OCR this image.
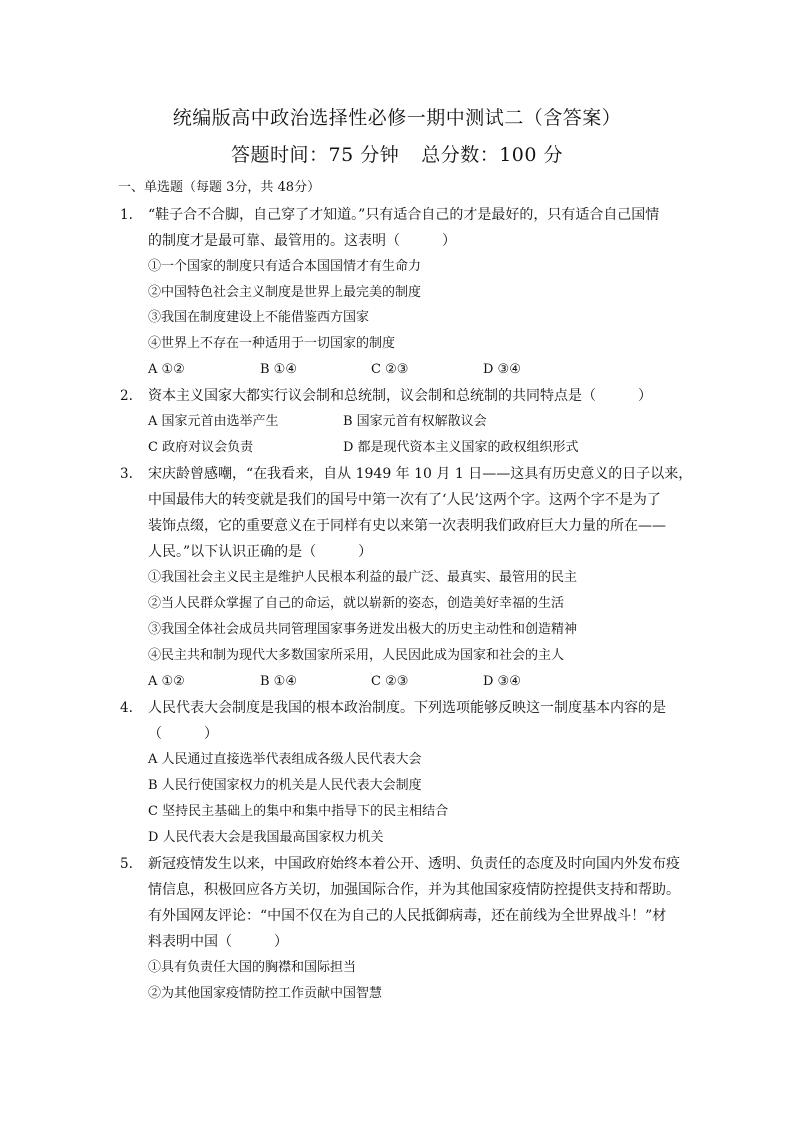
统编版高中政治选择性必修一期中测试二（含答案）
答题时间：75 分钟 总分数：100 分
一、单选题（每题 3分，共 48分）
1. “鞋子合不合脚，自己穿了才知道。”只有适合自己的才是最好的，只有适合自己国情
的制度才是最可靠、最管用的。这表明（　　　）
①一个国家的制度只有适合本国国情才有生命力
②中国特色社会主义制度是世界上最完美的制度
③我国在制度建设上不能借鉴西方国家
④世界上不存在一种适用于一切国家的制度
A ①②	B ①④	C ②③	D ③④
2. 资本主义国家大都实行议会制和总统制，议会制和总统制的共同特点是（　　　）
A 国家元首由选举产生	B 国家元首有权解散议会
C 政府对议会负责	D 都是现代资本主义国家的政权组织形式
3. 宋庆龄曾感嘲，“在我看来，自从 1949 年 10 月 1 日——这具有历史意义的日子以来，
中国最伟大的转变就是我们的国号中第一次有了‘人民’这两个字。这两个字不是为了
装饰点缀，它的重要意义在于同样有史以来第一次表明我们政府巨大力量的所在——
人民。”以下认识正确的是（　　　）
①我国社会主义民主是维护人民根本利益的最广泛、最真实、最管用的民主
②当人民群众掌握了自己的命运，就以崭新的姿态，创造美好幸福的生活
③我国全体社会成员共同管理国家事务迸发出极大的历史主动性和创造精神
④民主共和制为现代大多数国家所采用，人民因此成为国家和社会的主人
A ①②	B ①④	C ②③	D ③④
4. 人民代表大会制度是我国的根本政治制度。下列选项能够反映这一制度基本内容的是
（　　　）
A 人民通过直接选举代表组成各级人民代表大会
B 人民行使国家权力的机关是人民代表大会制度
C 坚持民主基础上的集中和集中指导下的民主相结合
D 人民代表大会是我国最高国家权力机关
5. 新冠疫情发生以来，中国政府始终本着公开、透明、负责任的态度及时向国内外发布疫
情信息，积极回应各方关切，加强国际合作，并为其他国家疫情防控提供支持和帮助。
有外国网友评论：“中国不仅在为自己的人民抵御病毒，还在前线为全世界战斗！”材
料表明中国（　　　）
①具有负责任大国的胸襟和国际担当
②为其他国家疫情防控工作贡献中国智慧
